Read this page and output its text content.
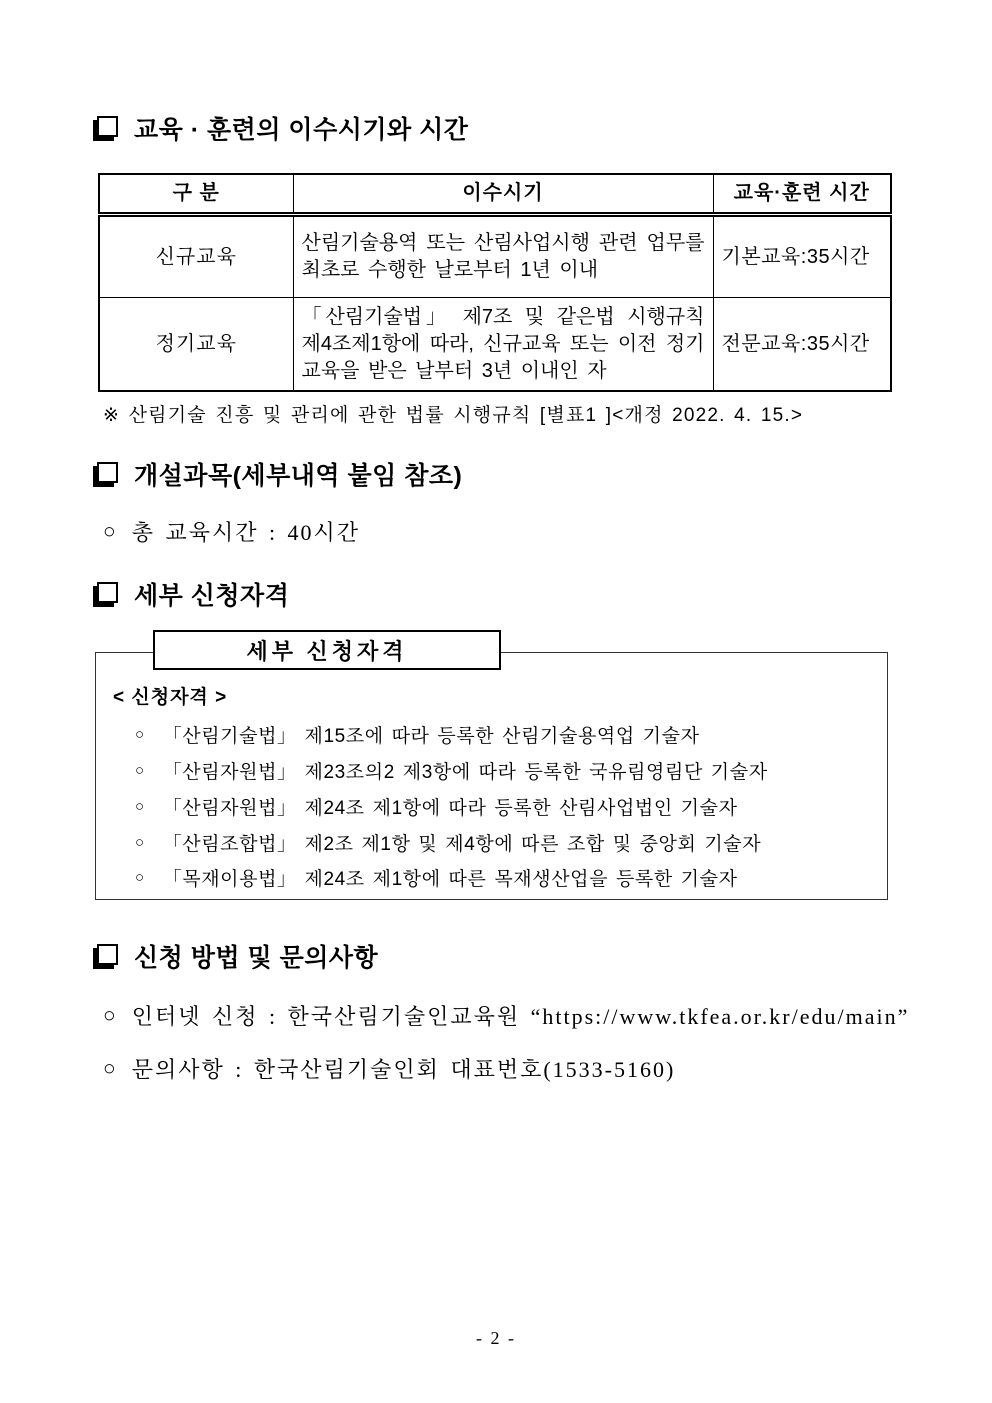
교육 · 훈련의 이수시기와 시간
구 분	이수시기	교육·훈련 시간
신규교육	산림기술용역 또는 산림사업시행 관련 업무를 최초로 수행한 날로부터 1년 이내	기본교육:35시간
정기교육	「산림기술법」 제7조 및 같은법 시행규칙 제4조제1항에 따라, 신규교육 또는 이전 정기교육을 받은 날부터 3년 이내인 자	전문교육:35시간
※ 산림기술 진흥 및 관리에 관한 법률 시행규칙 [별표1 ]<개정 2022. 4. 15.>
개설과목(세부내역 붙임 참조)
○ 총 교육시간 : 40시간
세부 신청자격
세부 신청자격
< 신청자격 >
○ 「산림기술법」 제15조에 따라 등록한 산림기술용역업 기술자
○ 「산림자원법」 제23조의2 제3항에 따라 등록한 국유림영림단 기술자
○ 「산림자원법」 제24조 제1항에 따라 등록한 산림사업법인 기술자
○ 「산림조합법」 제2조 제1항 및 제4항에 따른 조합 및 중앙회 기술자
○ 「목재이용법」 제24조 제1항에 따른 목재생산업을 등록한 기술자
신청 방법 및 문의사항
○ 인터넷 신청 : 한국산림기술인교육원 “https://www.tkfea.or.kr/edu/main”
○ 문의사항 : 한국산림기술인회 대표번호(1533-5160)
- 2 -
